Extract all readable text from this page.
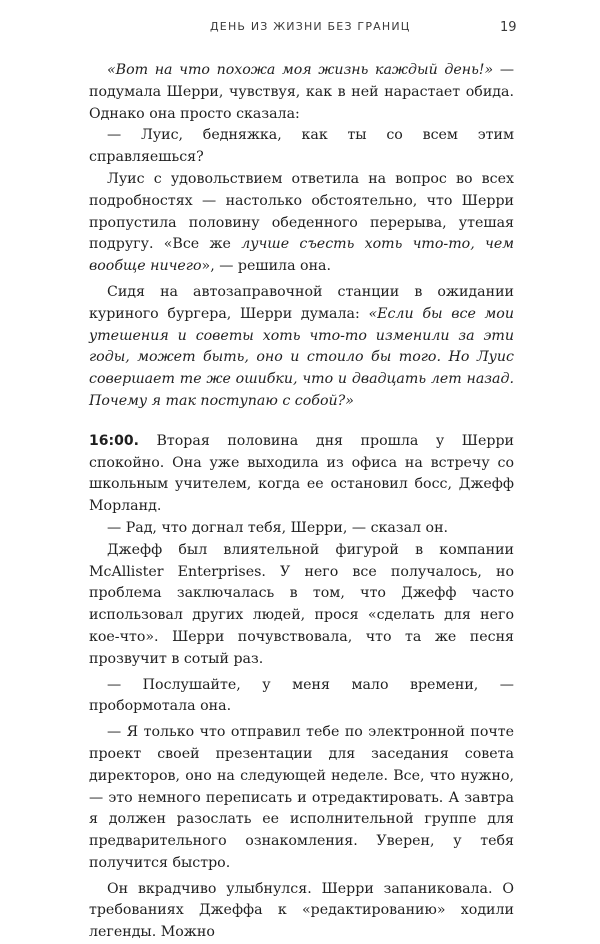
ДЕНЬ ИЗ ЖИЗНИ БЕЗ ГРАНИЦ	19

«Вот на что похожа моя жизнь каждый день!» — подумала Шерри, чувствуя, как в ней нарастает обида. Однако она просто сказала:

— Луис, бедняжка, как ты со всем этим справляешься?

Луис с удовольствием ответила на вопрос во всех подробностях — настолько обстоятельно, что Шерри пропустила половину обеденного перерыва, утешая подругу. «Все же лучше съесть хоть что-то, чем вообще ничего», — решила она.

Сидя на автозаправочной станции в ожидании куриного бургера, Шерри думала: «Если бы все мои утешения и советы хоть что-то изменили за эти годы, может быть, оно и стоило бы того. Но Луис совершает те же ошибки, что и двадцать лет назад. Почему я так поступаю с собой?»

16:00. Вторая половина дня прошла у Шерри спокойно. Она уже выходила из офиса на встречу со школьным учителем, когда ее остановил босс, Джефф Морланд.

— Рад, что догнал тебя, Шерри, — сказал он.

Джефф был влиятельной фигурой в компании McAllister Enterprises. У него все получалось, но проблема заключалась в том, что Джефф часто использовал других людей, прося «сделать для него кое-что». Шерри почувствовала, что та же песня прозвучит в сотый раз.

— Послушайте, у меня мало времени, — пробормотала она.

— Я только что отправил тебе по электронной почте проект своей презентации для заседания совета директоров, оно на следующей неделе. Все, что нужно, — это немного переписать и отредактировать. А завтра я должен разослать ее исполнительной группе для предварительного ознакомления. Уверен, у тебя получится быстро.

Он вкрадчиво улыбнулся. Шерри запаниковала. О требованиях Джеффа к «редактированию» ходили легенды. Можно
